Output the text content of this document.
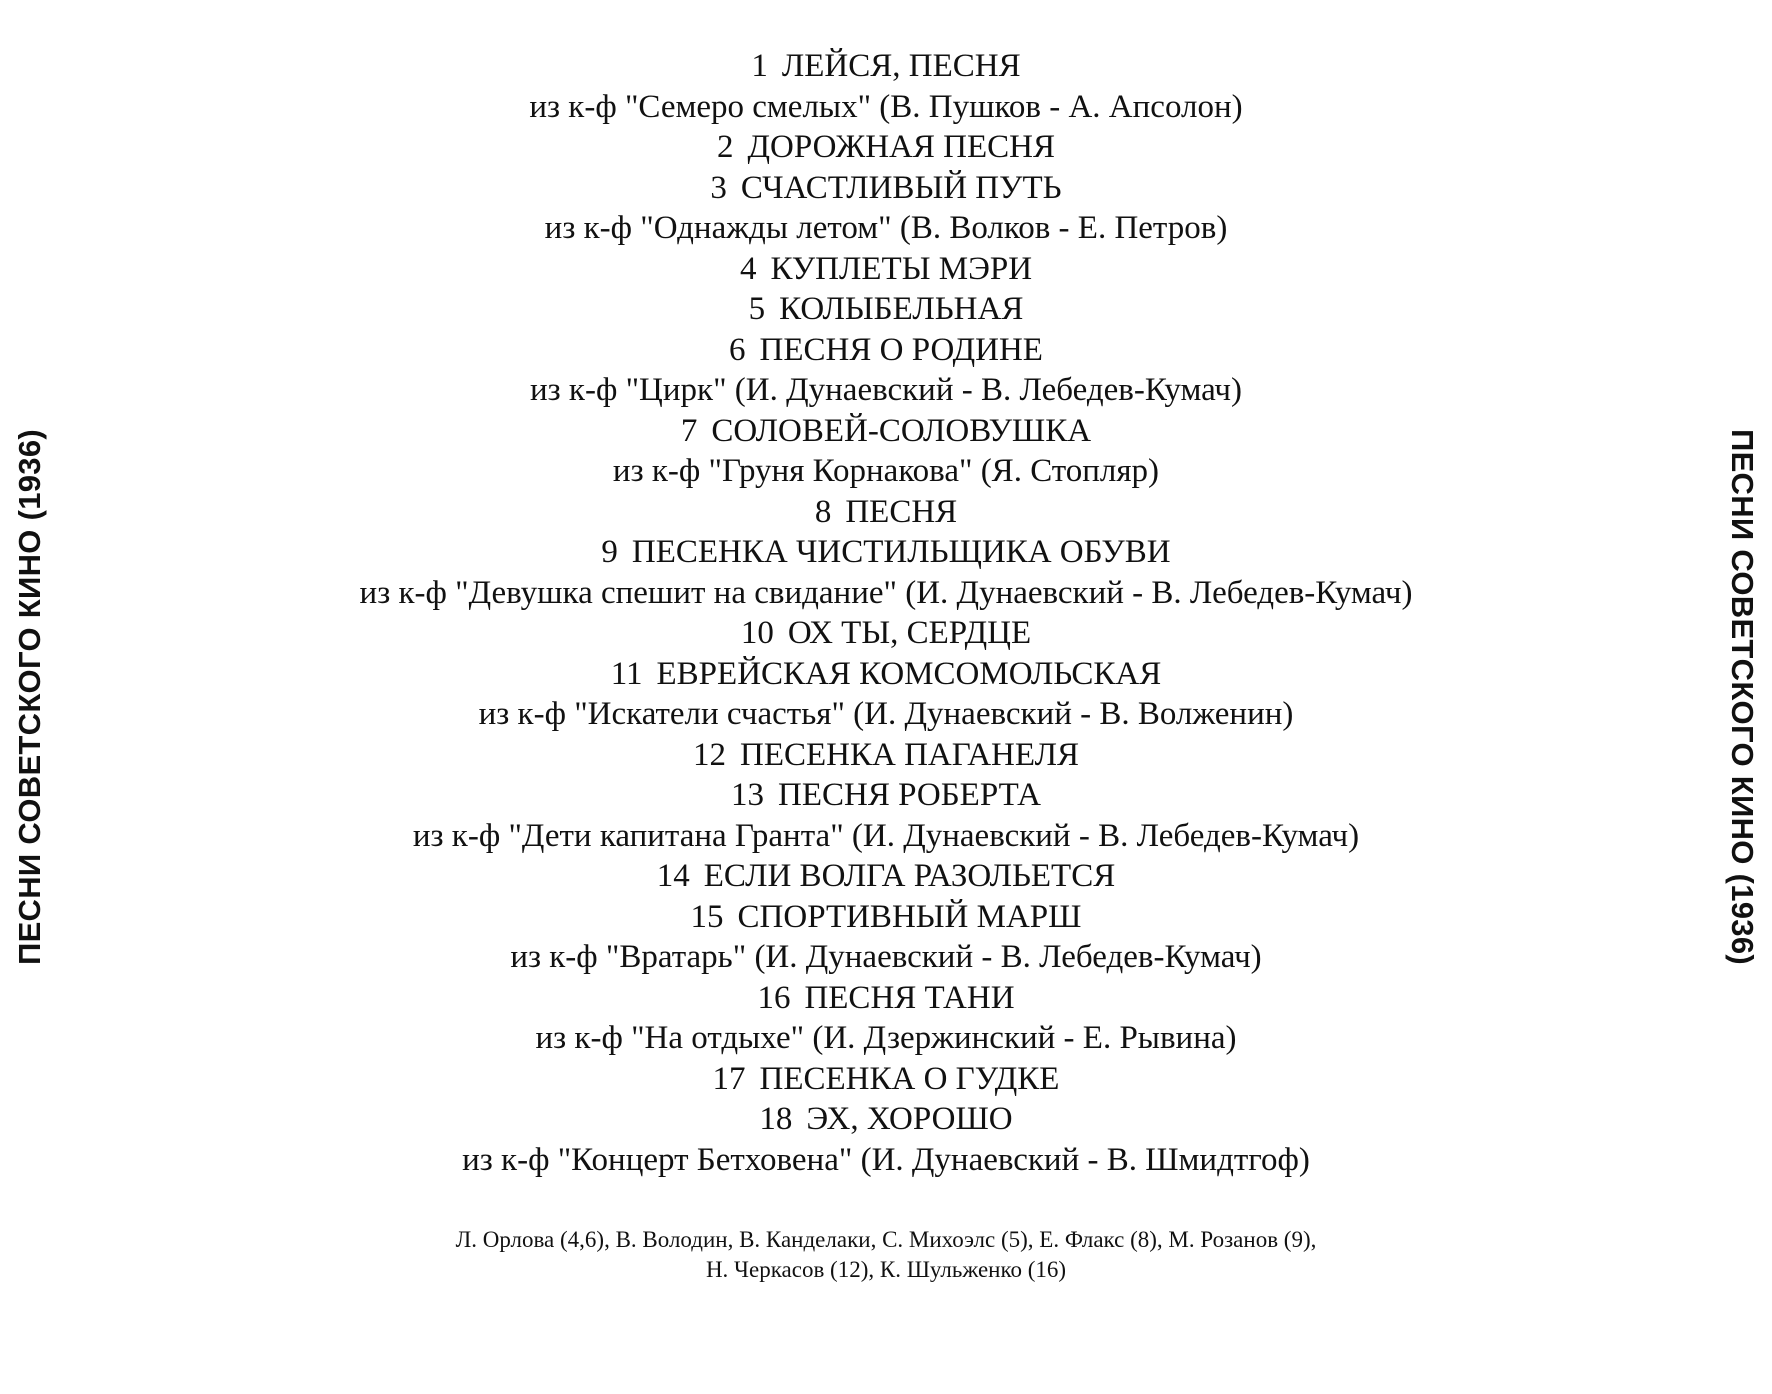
ПЕСНИ СОВЕТСКОГО КИНО (1936)	ПЕСНИ СОВЕТСКОГО КИНО (1936)
1 ЛЕЙСЯ, ПЕСНЯ
из к-ф "Семеро смелых" (В. Пушков - А. Апсолон)
2 ДОРОЖНАЯ ПЕСНЯ
3 СЧАСТЛИВЫЙ ПУТЬ
из к-ф "Однажды летом" (В. Волков - Е. Петров)
4 КУПЛЕТЫ МЭРИ
5 КОЛЫБЕЛЬНАЯ
6 ПЕСНЯ О РОДИНЕ
из к-ф "Цирк" (И. Дунаевский - В. Лебедев-Кумач)
7 СОЛОВЕЙ-СОЛОВУШКА
из к-ф "Груня Корнакова" (Я. Стопляр)
8 ПЕСНЯ
9 ПЕСЕНКА ЧИСТИЛЬЩИКА ОБУВИ
из к-ф "Девушка спешит на свидание" (И. Дунаевский - В. Лебедев-Кумач)
10 ОХ ТЫ, СЕРДЦЕ
11 ЕВРЕЙСКАЯ КОМСОМОЛЬСКАЯ
из к-ф "Искатели счастья" (И. Дунаевский - В. Волженин)
12 ПЕСЕНКА ПАГАНЕЛЯ
13 ПЕСНЯ РОБЕРТА
из к-ф "Дети капитана Гранта" (И. Дунаевский - В. Лебедев-Кумач)
14 ЕСЛИ ВОЛГА РАЗОЛЬЕТСЯ
15 СПОРТИВНЫЙ МАРШ
из к-ф "Вратарь" (И. Дунаевский - В. Лебедев-Кумач)
16 ПЕСНЯ ТАНИ
из к-ф "На отдыхе" (И. Дзержинский - Е. Рывина)
17 ПЕСЕНКА О ГУДКЕ
18 ЭХ, ХОРОШО
из к-ф "Концерт Бетховена" (И. Дунаевский - В. Шмидтгоф)
Л. Орлова (4,6), В. Володин, В. Канделаки, С. Михоэлс (5), Е. Флакс (8), М. Розанов (9),
Н. Черкасов (12), К. Шульженко (16)
